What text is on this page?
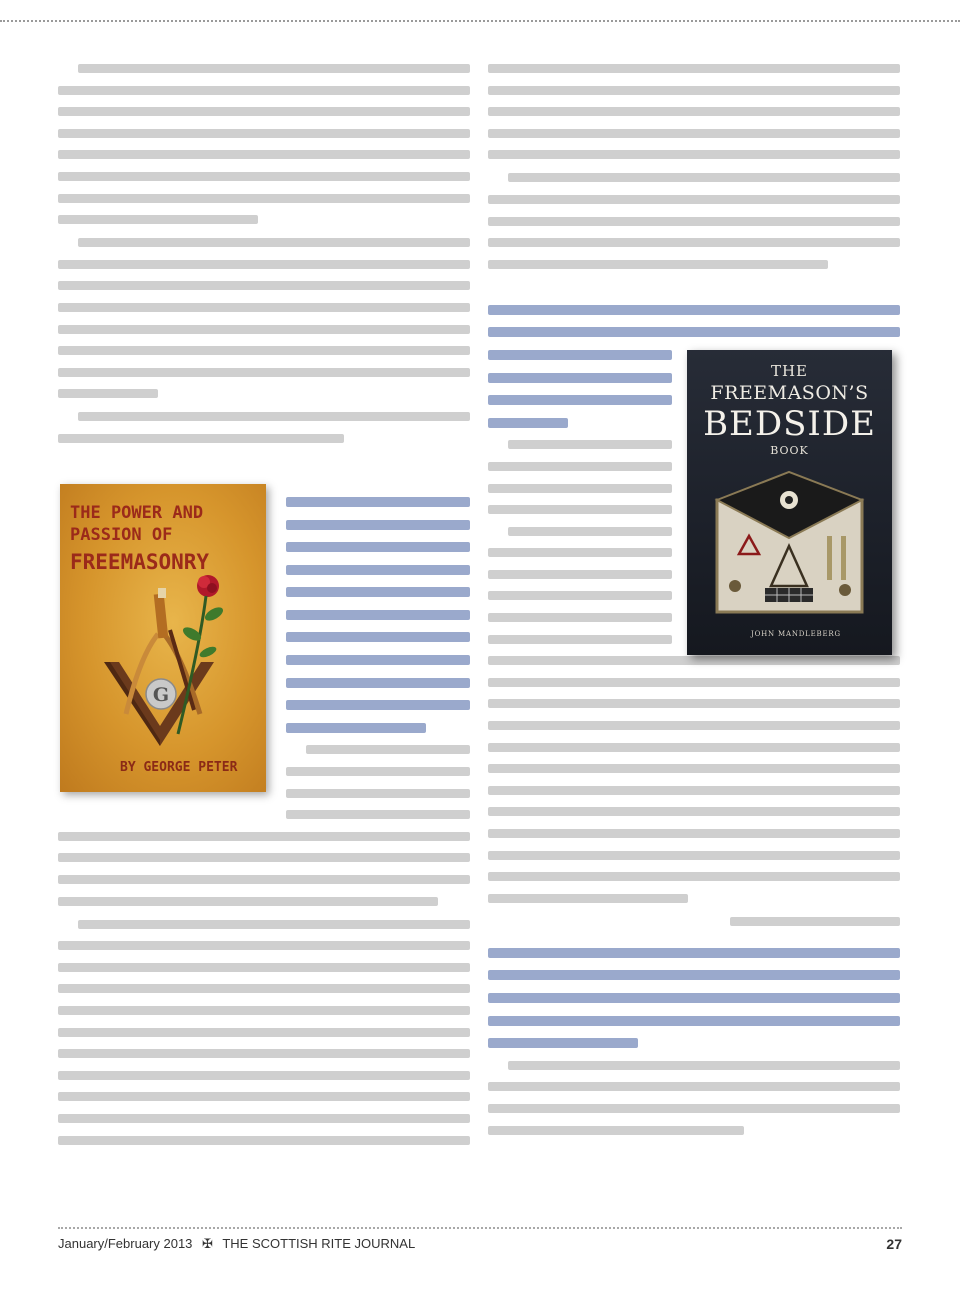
G
THE POWER AND
PASSION OF
FREEMASONRY
BY GEORGE PETER
THE
FREEMASON’S
BEDSIDE
BOOK
JOHN MANDLEBERG
January/February 2013 ✠ THE SCOTTISH RITE JOURNAL	27
